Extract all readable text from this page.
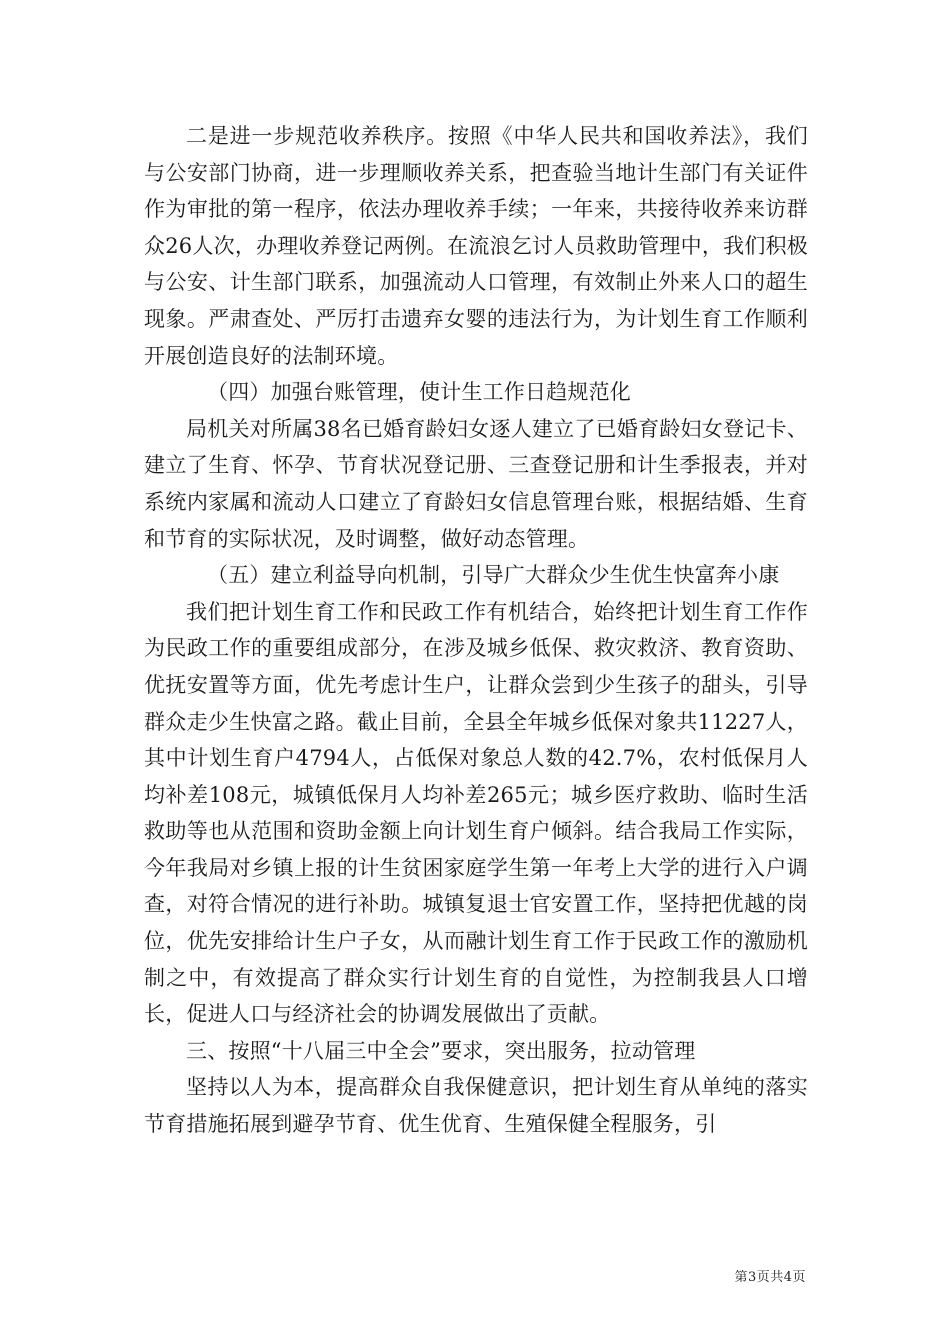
二是进一步规范收养秩序。按照《中华人民共和国收养法》，我们与公安部门协商，进一步理顺收养关系，把查验当地计生部门有关证件作为审批的第一程序，依法办理收养手续；一年来，共接待收养来访群众26人次，办理收养登记两例。在流浪乞讨人员救助管理中，我们积极与公安、计生部门联系，加强流动人口管理，有效制止外来人口的超生现象。严肃查处、严厉打击遗弃女婴的违法行为，为计划生育工作顺利开展创造良好的法制环境。

（四）加强台账管理，使计生工作日趋规范化

局机关对所属38名已婚育龄妇女逐人建立了已婚育龄妇女登记卡、建立了生育、怀孕、节育状况登记册、三查登记册和计生季报表，并对系统内家属和流动人口建立了育龄妇女信息管理台账，根据结婚、生育和节育的实际状况，及时调整，做好动态管理。

（五）建立利益导向机制，引导广大群众少生优生快富奔小康

我们把计划生育工作和民政工作有机结合，始终把计划生育工作作为民政工作的重要组成部分，在涉及城乡低保、救灾救济、教育资助、优抚安置等方面，优先考虑计生户，让群众尝到少生孩子的甜头，引导群众走少生快富之路。截止目前，全县全年城乡低保对象共11227人，其中计划生育户4794人，占低保对象总人数的42.7%，农村低保月人均补差108元，城镇低保月人均补差265元；城乡医疗救助、临时生活救助等也从范围和资助金额上向计划生育户倾斜。结合我局工作实际，今年我局对乡镇上报的计生贫困家庭学生第一年考上大学的进行入户调查，对符合情况的进行补助。城镇复退士官安置工作，坚持把优越的岗位，优先安排给计生户子女，从而融计划生育工作于民政工作的激励机制之中，有效提高了群众实行计划生育的自觉性，为控制我县人口增长，促进人口与经济社会的协调发展做出了贡献。

三、按照“十八届三中全会”要求，突出服务，拉动管理

坚持以人为本，提高群众自我保健意识，把计划生育从单纯的落实节育措施拓展到避孕节育、优生优育、生殖保健全程服务，引

第3页共4页
